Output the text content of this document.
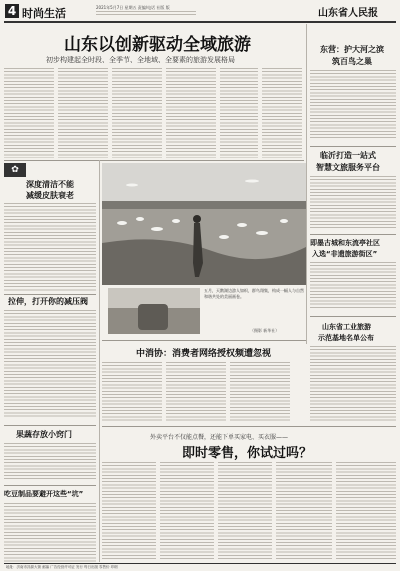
4 时尚生活	2021年5月7日 星期五 责编/电话 社版 版
山东省人民报
山东以创新驱动全域旅游
初步构建起全时段、全季节、全地域、全要素的旅游发展格局
✿
深度清洁不能
减缓皮肤衰老
拉伸，打开你的减压阀
果蔬存放小窍门
吃豆制品要避开这些“坑”
五月，天鹅湖边游人如织，群鸟翔集，构成一幅人与自然和谐共处的美丽画卷。
（摄影 新华社）
中消协：消费者网络授权频遭忽视
东营：护大河之滨
筑百鸟之巢
临沂打造一站式
智慧文旅服务平台
即墨古城和东流亭社区
入选“非遗旅游街区”
山东省工业旅游
示范基地名单公布
外卖平台不仅能点餐，还能下单买家电、买衣服——
即时零售，你试过吗？
地址：济南市泺源大街 邮编 广告经营许可证 发行 每日出版 零售价 印刷
